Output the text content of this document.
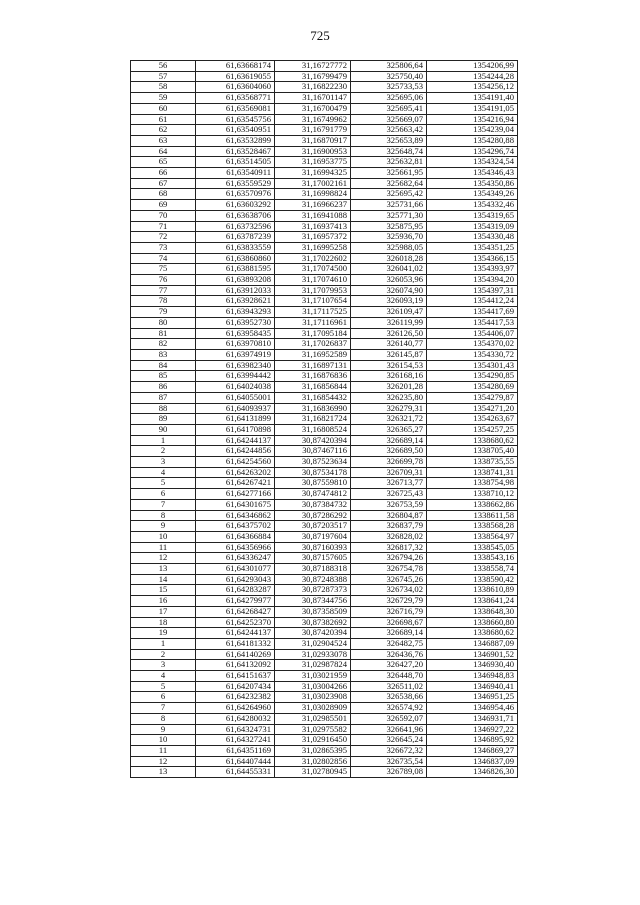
725
56	61,63668174	31,16727772	325806,64	1354206,99
57	61,63619055	31,16799479	325750,40	1354244,28
58	61,63604060	31,16822230	325733,53	1354256,12
59	61,63568771	31,16701147	325695,06	1354191,40
60	61,63569081	31,16700479	325695,41	1354191,05
61	61,63545756	31,16749962	325669,07	1354216,94
62	61,63540951	31,16791779	325663,42	1354239,04
63	61,63532899	31,16870917	325653,89	1354280,88
64	61,63528467	31,16900953	325648,74	1354296,74
65	61,63514505	31,16953775	325632,81	1354324,54
66	61,63540911	31,16994325	325661,95	1354346,43
67	61,63559529	31,17002161	325682,64	1354350,86
68	61,63570976	31,16998824	325695,42	1354349,26
69	61,63603292	31,16966237	325731,66	1354332,46
70	61,63638706	31,16941088	325771,30	1354319,65
71	61,63732596	31,16937413	325875,95	1354319,09
72	61,63787239	31,16957372	325936,70	1354330,48
73	61,63833559	31,16995258	325988,05	1354351,25
74	61,63860860	31,17022602	326018,28	1354366,15
75	61,63881595	31,17074500	326041,02	1354393,97
76	61,63893208	31,17074610	326053,96	1354394,20
77	61,63912033	31,17079953	326074,90	1354397,31
78	61,63928621	31,17107654	326093,19	1354412,24
79	61,63943293	31,17117525	326109,47	1354417,69
80	61,63952730	31,17116961	326119,99	1354417,53
81	61,63958435	31,17095184	326126,50	1354406,07
82	61,63970810	31,17026837	326140,77	1354370,02
83	61,63974919	31,16952589	326145,87	1354330,72
84	61,63982340	31,16897131	326154,53	1354301,43
85	61,63994442	31,16876836	326168,16	1354290,85
86	61,64024038	31,16856844	326201,28	1354280,69
87	61,64055001	31,16854432	326235,80	1354279,87
88	61,64093937	31,16836990	326279,31	1354271,20
89	61,64131899	31,16821724	326321,72	1354263,67
90	61,64170898	31,16808524	326365,27	1354257,25
1	61,64244137	30,87420394	326689,14	1338680,62
2	61,64244856	30,87467116	326689,50	1338705,40
3	61,64254560	30,87523634	326699,78	1338735,55
4	61,64263202	30,87534178	326709,31	1338741,31
5	61,64267421	30,87559810	326713,77	1338754,98
6	61,64277166	30,87474812	326725,43	1338710,12
7	61,64301675	30,87384732	326753,59	1338662,86
8	61,64346862	30,87286292	326804,87	1338611,58
9	61,64375702	30,87203517	326837,79	1338568,28
10	61,64366884	30,87197604	326828,02	1338564,97
11	61,64356966	30,87160393	326817,32	1338545,05
12	61,64336247	30,87157605	326794,26	1338543,16
13	61,64301077	30,87188318	326754,78	1338558,74
14	61,64293043	30,87248388	326745,26	1338590,42
15	61,64283287	30,87287373	326734,02	1338610,89
16	61,64279977	30,87344756	326729,79	1338641,24
17	61,64268427	30,87358509	326716,79	1338648,30
18	61,64252370	30,87382692	326698,67	1338660,80
19	61,64244137	30,87420394	326689,14	1338680,62
1	61,64181332	31,02904524	326482,75	1346887,09
2	61,64140269	31,02933078	326436,76	1346901,52
3	61,64132092	31,02987824	326427,20	1346930,40
4	61,64151637	31,03021959	326448,70	1346948,83
5	61,64207434	31,03004266	326511,02	1346940,41
6	61,64232382	31,03023908	326538,66	1346951,25
7	61,64264960	31,03028909	326574,92	1346954,46
8	61,64280032	31,02985501	326592,07	1346931,71
9	61,64324731	31,02975582	326641,96	1346927,22
10	61,64327241	31,02916450	326645,24	1346895,92
11	61,64351169	31,02865395	326672,32	1346869,27
12	61,64407444	31,02802856	326735,54	1346837,09
13	61,64455331	31,02780945	326789,08	1346826,30
